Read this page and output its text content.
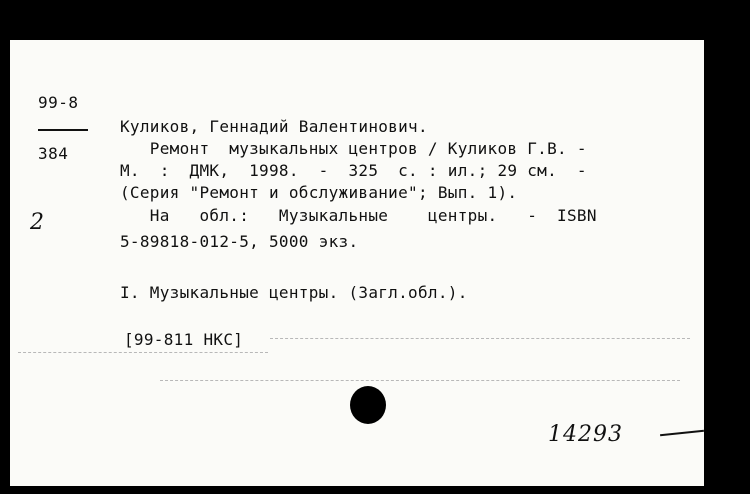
99-8
384
2
Куликов, Геннадий Валентинович.
Ремонт  музыкальных центров / Куликов Г.В. -
М.  :  ДМК,  1998.  -  325  с. : ил.; 29 см.  -
(Серия "Ремонт и обслуживание"; Вып. 1).
На   обл.:   Музыкальные    центры.   -  ISBN
5-89818-012-5, 5000 экз.
I. Музыкальные центры. (Загл.обл.).
[99-811 НКС]
14293
